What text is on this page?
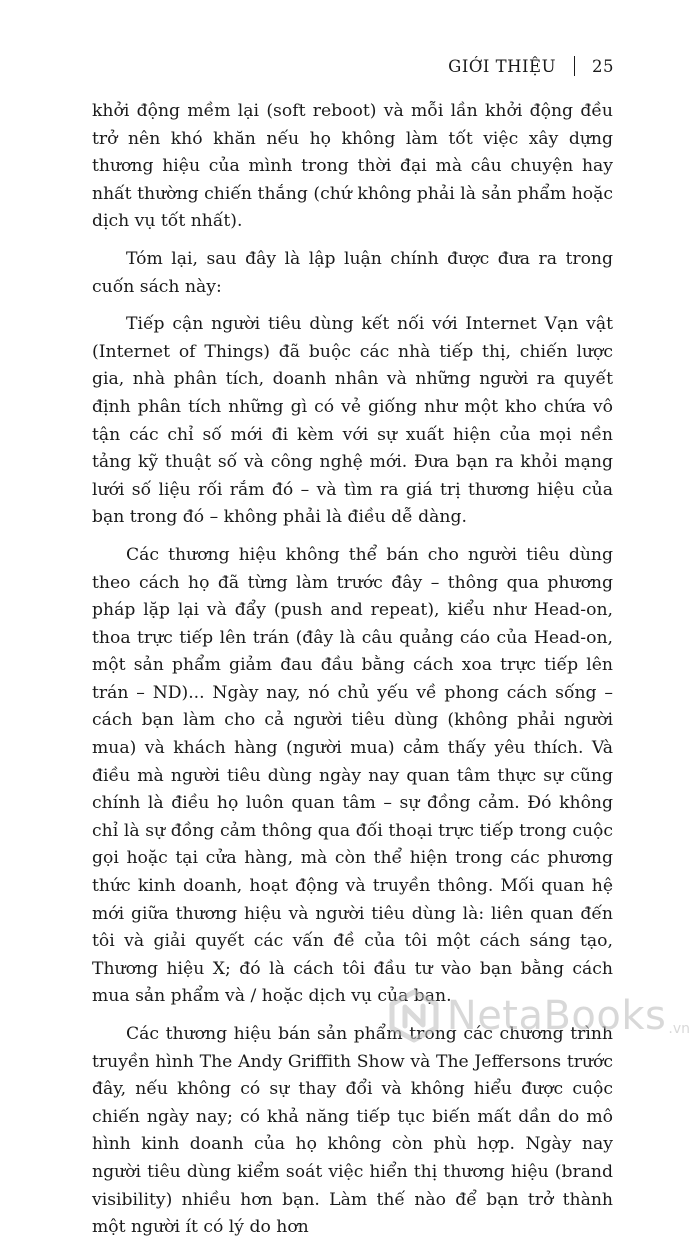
GIỚI THIỆU 25

khởi động mềm lại (soft reboot) và mỗi lần khởi động đều trở nên khó khăn nếu họ không làm tốt việc xây dựng thương hiệu của mình trong thời đại mà câu chuyện hay nhất thường chiến thắng (chứ không phải là sản phẩm hoặc dịch vụ tốt nhất).

Tóm lại, sau đây là lập luận chính được đưa ra trong cuốn sách này:

Tiếp cận người tiêu dùng kết nối với Internet Vạn vật (Internet of Things) đã buộc các nhà tiếp thị, chiến lược gia, nhà phân tích, doanh nhân và những người ra quyết định phân tích những gì có vẻ giống như một kho chứa vô tận các chỉ số mới đi kèm với sự xuất hiện của mọi nền tảng kỹ thuật số và công nghệ mới. Đưa bạn ra khỏi mạng lưới số liệu rối rắm đó – và tìm ra giá trị thương hiệu của bạn trong đó – không phải là điều dễ dàng.

Các thương hiệu không thể bán cho người tiêu dùng theo cách họ đã từng làm trước đây – thông qua phương pháp lặp lại và đẩy (push and repeat), kiểu như Head-on, thoa trực tiếp lên trán (đây là câu quảng cáo của Head-on, một sản phẩm giảm đau đầu bằng cách xoa trực tiếp lên trán – ND)... Ngày nay, nó chủ yếu về phong cách sống – cách bạn làm cho cả người tiêu dùng (không phải người mua) và khách hàng (người mua) cảm thấy yêu thích. Và điều mà người tiêu dùng ngày nay quan tâm thực sự cũng chính là điều họ luôn quan tâm – sự đồng cảm. Đó không chỉ là sự đồng cảm thông qua đối thoại trực tiếp trong cuộc gọi hoặc tại cửa hàng, mà còn thể hiện trong các phương thức kinh doanh, hoạt động và truyền thông. Mối quan hệ mới giữa thương hiệu và người tiêu dùng là: liên quan đến tôi và giải quyết các vấn đề của tôi một cách sáng tạo, Thương hiệu X; đó là cách tôi đầu tư vào bạn bằng cách mua sản phẩm và / hoặc dịch vụ của bạn.

Các thương hiệu bán sản phẩm trong các chương trình truyền hình The Andy Griffith Show và The Jeffersons trước đây, nếu không có sự thay đổi và không hiểu được cuộc chiến ngày nay; có khả năng tiếp tục biến mất dần do mô hình kinh doanh của họ không còn phù hợp. Ngày nay người tiêu dùng kiểm soát việc hiển thị thương hiệu (brand visibility) nhiều hơn bạn. Làm thế nào để bạn trở thành một người ít có lý do hơn

NetaBooks .vn
